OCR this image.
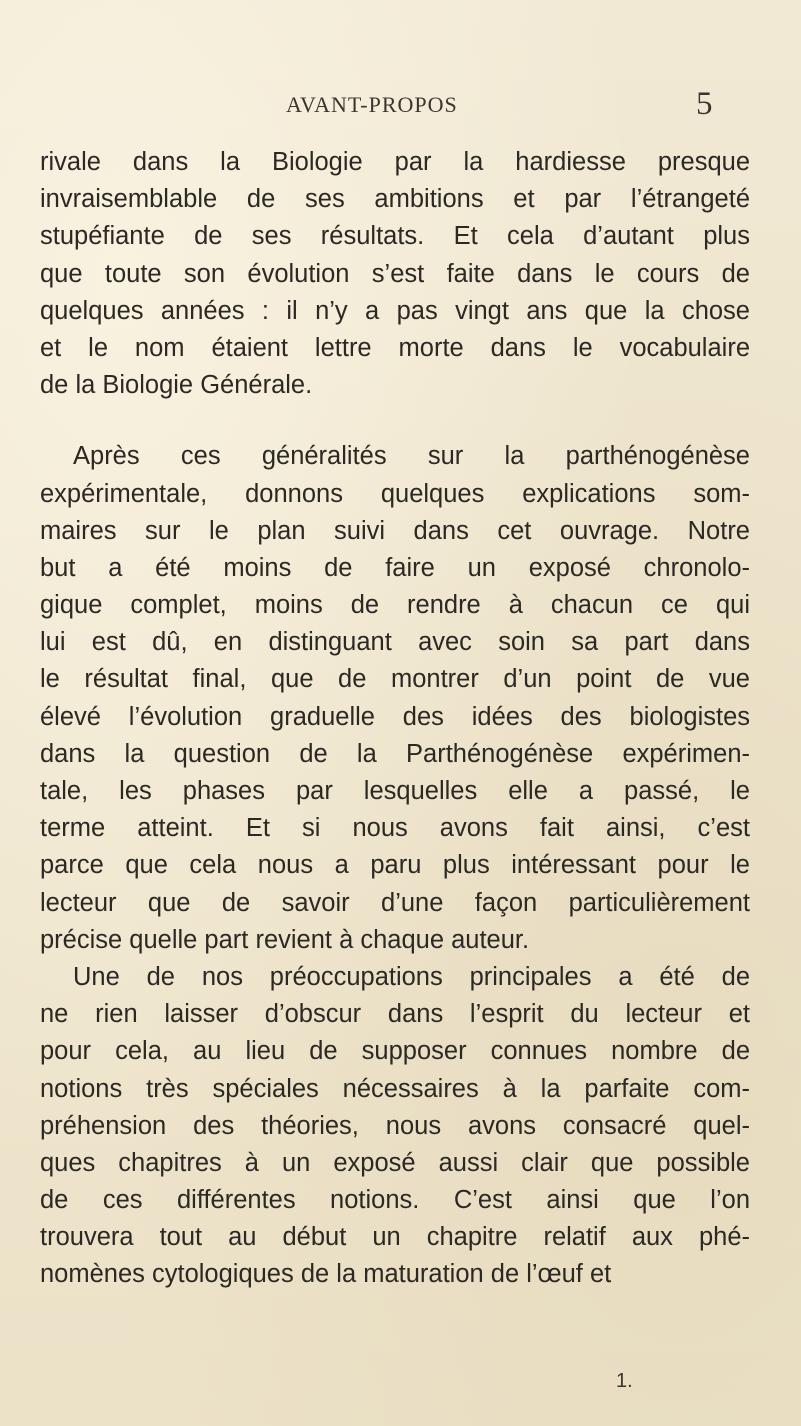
AVANT-PROPOS	5
rivale dans la Biologie par la hardiesse presque
invraisemblable de ses ambitions et par l’étrangeté
stupéfiante de ses résultats. Et cela d’autant plus
que toute son évolution s’est faite dans le cours de
quelques années : il n’y a pas vingt ans que la chose
et le nom étaient lettre morte dans le vocabulaire
de la Biologie Générale.
Après ces généralités sur la parthénogénèse
expérimentale, donnons quelques explications som-
maires sur le plan suivi dans cet ouvrage. Notre
but a été moins de faire un exposé chronolo-
gique complet, moins de rendre à chacun ce qui
lui est dû, en distinguant avec soin sa part dans
le résultat final, que de montrer d’un point de vue
élevé l’évolution graduelle des idées des biologistes
dans la question de la Parthénogénèse expérimen-
tale, les phases par lesquelles elle a passé, le
terme atteint. Et si nous avons fait ainsi, c’est
parce que cela nous a paru plus intéressant pour le
lecteur que de savoir d’une façon particulièrement
précise quelle part revient à chaque auteur.
Une de nos préoccupations principales a été de
ne rien laisser d’obscur dans l’esprit du lecteur et
pour cela, au lieu de supposer connues nombre de
notions très spéciales nécessaires à la parfaite com-
préhension des théories, nous avons consacré quel-
ques chapitres à un exposé aussi clair que possible
de ces différentes notions. C’est ainsi que l’on
trouvera tout au début un chapitre relatif aux phé-
nomènes cytologiques de la maturation de l’œuf et
1.
